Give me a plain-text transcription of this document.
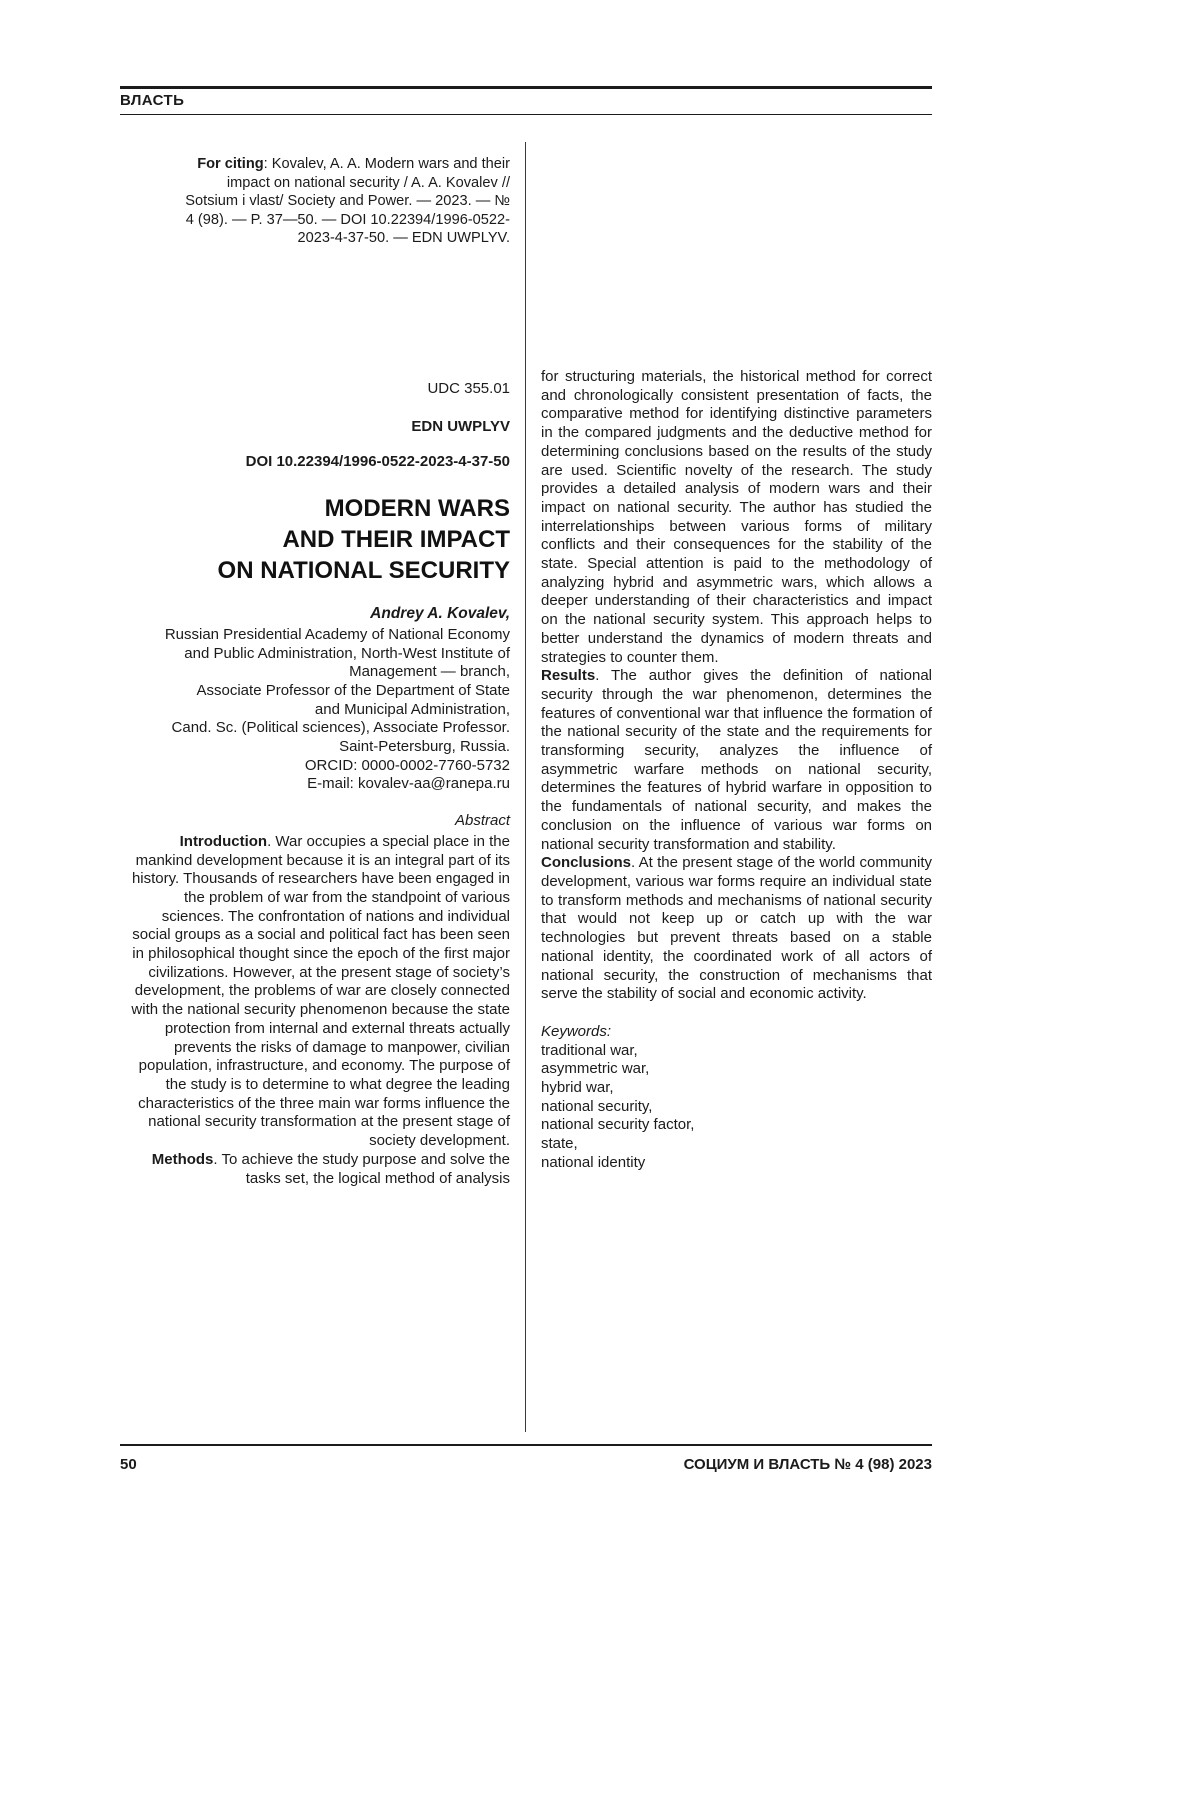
ВЛАСТЬ
For citing: Kovalev, A. A. Modern wars and their impact on national security / A. A. Kovalev // Sotsium i vlast/ Society and Power. — 2023. — № 4 (98). — P. 37—50. — DOI 10.22394/1996-0522-2023-4-37-50. — EDN UWPLYV.
UDC 355.01
EDN UWPLYV
DOI 10.22394/1996-0522-2023-4-37-50
MODERN WARS
AND THEIR IMPACT
ON NATIONAL SECURITY
Andrey A. Kovalev,
Russian Presidential Academy of National Economy
and Public Administration, North-West Institute of
Management — branch,
Associate Professor of the Department of State
and Municipal Administration,
Cand. Sc. (Political sciences), Associate Professor.
Saint-Petersburg, Russia.
ORCID: 0000-0002-7760-5732
E-mail: kovalev-aa@ranepa.ru
Abstract

Introduction. War occupies a special place in the mankind development because it is an integral part of its history. Thousands of researchers have been engaged in the problem of war from the standpoint of various sciences. The confrontation of nations and individual social groups as a social and political fact has been seen in philosophical thought since the epoch of the first major civilizations. However, at the present stage of society’s development, the problems of war are closely connected with the national security phenomenon because the state protection from internal and external threats actually prevents the risks of damage to manpower, civilian population, infrastructure, and economy. The purpose of the study is to determine to what degree the leading characteristics of the three main war forms influence the national security transformation at the present stage of society development.

Methods. To achieve the study purpose and solve the tasks set, the logical method of analysis

for structuring materials, the historical method for correct and chronologically consistent presentation of facts, the comparative method for identifying distinctive parameters in the compared judgments and the deductive method for determining conclusions based on the results of the study are used. Scientific novelty of the research. The study provides a detailed analysis of modern wars and their impact on national security. The author has studied the interrelationships between various forms of military conflicts and their consequences for the stability of the state. Special attention is paid to the methodology of analyzing hybrid and asymmetric wars, which allows a deeper understanding of their characteristics and impact on the national security system. This approach helps to better understand the dynamics of modern threats and strategies to counter them.

Results. The author gives the definition of national security through the war phenomenon, determines the features of conventional war that influence the formation of the national security of the state and the requirements for transforming security, analyzes the influence of asymmetric warfare methods on national security, determines the features of hybrid warfare in opposition to the fundamentals of national security, and makes the conclusion on the influence of various war forms on national security transformation and stability.

Conclusions. At the present stage of the world community development, various war forms require an individual state to transform methods and mechanisms of national security that would not keep up or catch up with the war technologies but prevent threats based on a stable national identity, the coordinated work of all actors of national security, the construction of mechanisms that serve the stability of social and economic activity.

Keywords:
traditional war,
asymmetric war,
hybrid war,
national security,
national security factor,
state,
national identity
50	СОЦИУМ И ВЛАСТЬ № 4 (98) 2023
